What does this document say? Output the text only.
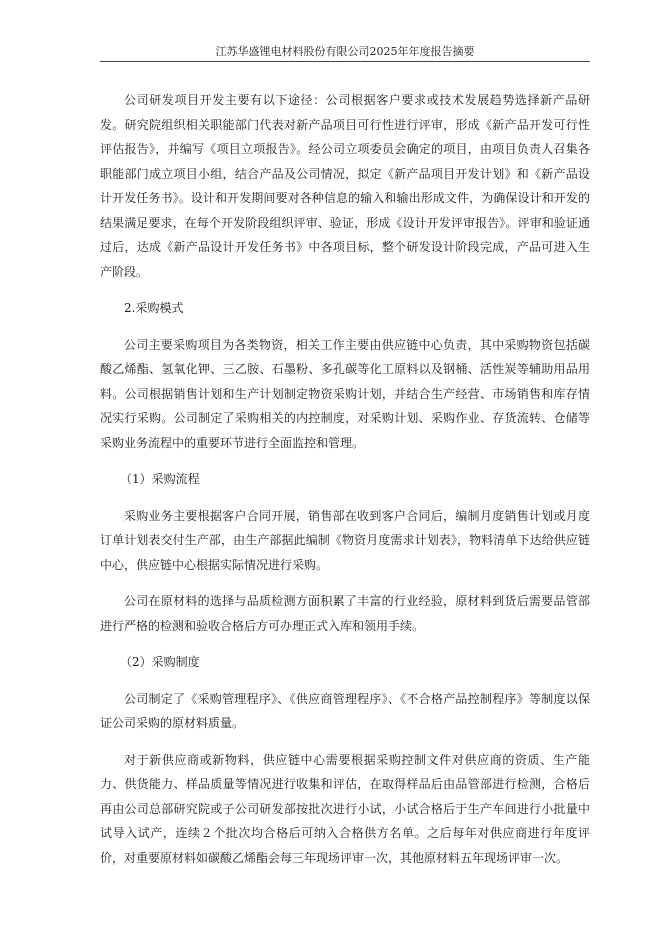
江苏华盛锂电材料股份有限公司2025年年度报告摘要

公司研发项目开发主要有以下途径：公司根据客户要求或技术发展趋势选择新产品研发。研究院组织相关职能部门代表对新产品项目可行性进行评审，形成《新产品开发可行性评估报告》，并编写《项目立项报告》。经公司立项委员会确定的项目，由项目负责人召集各职能部门成立项目小组，结合产品及公司情况，拟定《新产品项目开发计划》和《新产品设计开发任务书》。设计和开发期间要对各种信息的输入和输出形成文件，为确保设计和开发的结果满足要求，在每个开发阶段组织评审、验证，形成《设计开发评审报告》。评审和验证通过后，达成《新产品设计开发任务书》中各项目标，整个研发设计阶段完成，产品可进入生产阶段。

2.采购模式

公司主要采购项目为各类物资，相关工作主要由供应链中心负责，其中采购物资包括碳酸乙烯酯、氢氧化钾、三乙胺、石墨粉、多孔碳等化工原料以及钢桶、活性炭等辅助用品用料。公司根据销售计划和生产计划制定物资采购计划，并结合生产经营、市场销售和库存情况实行采购。公司制定了采购相关的内控制度，对采购计划、采购作业、存货流转、仓储等采购业务流程中的重要环节进行全面监控和管理。

（1）采购流程

采购业务主要根据客户合同开展，销售部在收到客户合同后，编制月度销售计划或月度订单计划表交付生产部，由生产部据此编制《物资月度需求计划表》，物料清单下达给供应链中心，供应链中心根据实际情况进行采购。

公司在原材料的选择与品质检测方面积累了丰富的行业经验，原材料到货后需要品管部进行严格的检测和验收合格后方可办理正式入库和领用手续。

（2）采购制度

公司制定了《采购管理程序》、《供应商管理程序》、《不合格产品控制程序》等制度以保证公司采购的原材料质量。

对于新供应商或新物料，供应链中心需要根据采购控制文件对供应商的资质、生产能力、供货能力、样品质量等情况进行收集和评估，在取得样品后由品管部进行检测，合格后再由公司总部研究院或子公司研发部按批次进行小试，小试合格后于生产车间进行小批量中试导入试产，连续２个批次均合格后可纳入合格供方名单。之后每年对供应商进行年度评价，对重要原材料如碳酸乙烯酯会每三年现场评审一次，其他原材料五年现场评审一次。
